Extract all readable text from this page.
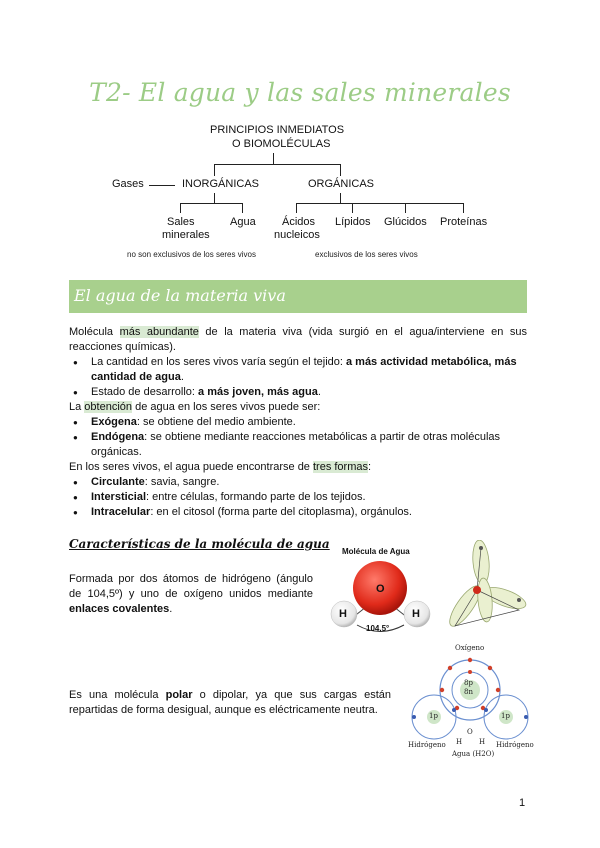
T2- El agua y las sales minerales
PRINCIPIOS INMEDIATOS
O BIOMOLÉCULAS
Gases	INORGÁNICAS	ORGÁNICAS
Sales
minerales
Agua Ácidos
nucleicos
Lípidos Glúcidos Proteínas
no son exclusivos de los seres vivos	exclusivos de los seres vivos
El agua de la materia viva
Molécula más abundante de la materia viva (vida surgió en el agua/interviene en sus reacciones químicas).
● La cantidad en los seres vivos varía según el tejido: a más actividad metabólica, más cantidad de agua.
● Estado de desarrollo: a más joven, más agua.
La obtención de agua en los seres vivos puede ser:
● Exógena: se obtiene del medio ambiente.
● Endógena: se obtiene mediante reacciones metabólicas a partir de otras moléculas orgánicas.
En los seres vivos, el agua puede encontrarse de tres formas:
● Circulante: savia, sangre.
● Intersticial: entre células, formando parte de los tejidos.
● Intracelular: en el citosol (forma parte del citoplasma), orgánulos.
Características de la molécula de agua
Formada por dos átomos de hidrógeno (ángulo de 104,5º) y uno de oxígeno unidos mediante enlaces covalentes.
Es una molécula polar o dipolar, ya que sus cargas están repartidas de forma desigual, aunque es eléctricamente neutra.
Molécula de Agua
O
H	H
104.5°
Oxígeno
8p
8n
1p	1p
O
H H
Hidrógeno	Hidrógeno
Agua (H2O)
1
